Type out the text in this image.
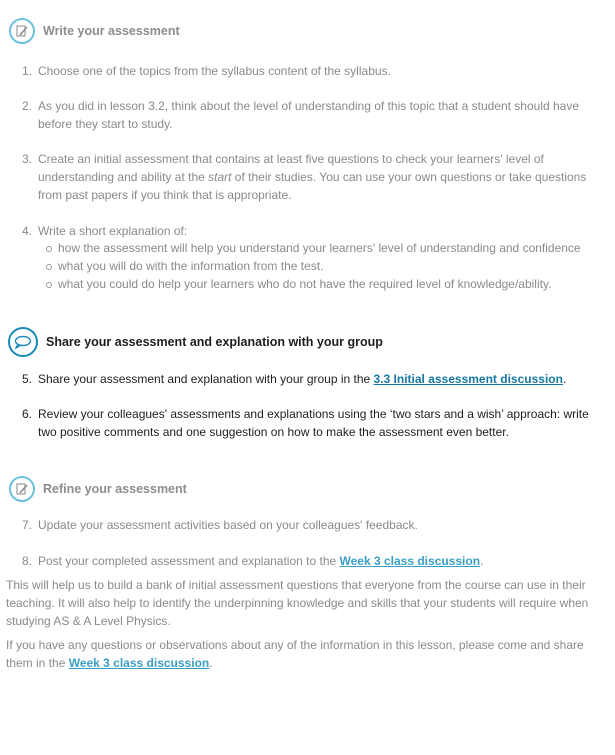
Write your assessment
1. Choose one of the topics from the syllabus content of the syllabus.
2. As you did in lesson 3.2, think about the level of understanding of this topic that a student should have before they start to study.
3. Create an initial assessment that contains at least five questions to check your learners' level of understanding and ability at the start of their studies. You can use your own questions or take questions from past papers if you think that is appropriate.
4. Write a short explanation of:
how the assessment will help you understand your learners' level of understanding and confidence
what you will do with the information from the test.
what you could do help your learners who do not have the required level of knowledge/ability.
Share your assessment and explanation with your group
5. Share your assessment and explanation with your group in the 3.3 Initial assessment discussion.
6. Review your colleagues' assessments and explanations using the ‘two stars and a wish’ approach: write two positive comments and one suggestion on how to make the assessment even better.
Refine your assessment
7. Update your assessment activities based on your colleagues' feedback.
8. Post your completed assessment and explanation to the Week 3 class discussion.
This will help us to build a bank of initial assessment questions that everyone from the course can use in their teaching. It will also help to identify the underpinning knowledge and skills that your students will require when studying AS & A Level Physics.
If you have any questions or observations about any of the information in this lesson, please come and share them in the Week 3 class discussion.
